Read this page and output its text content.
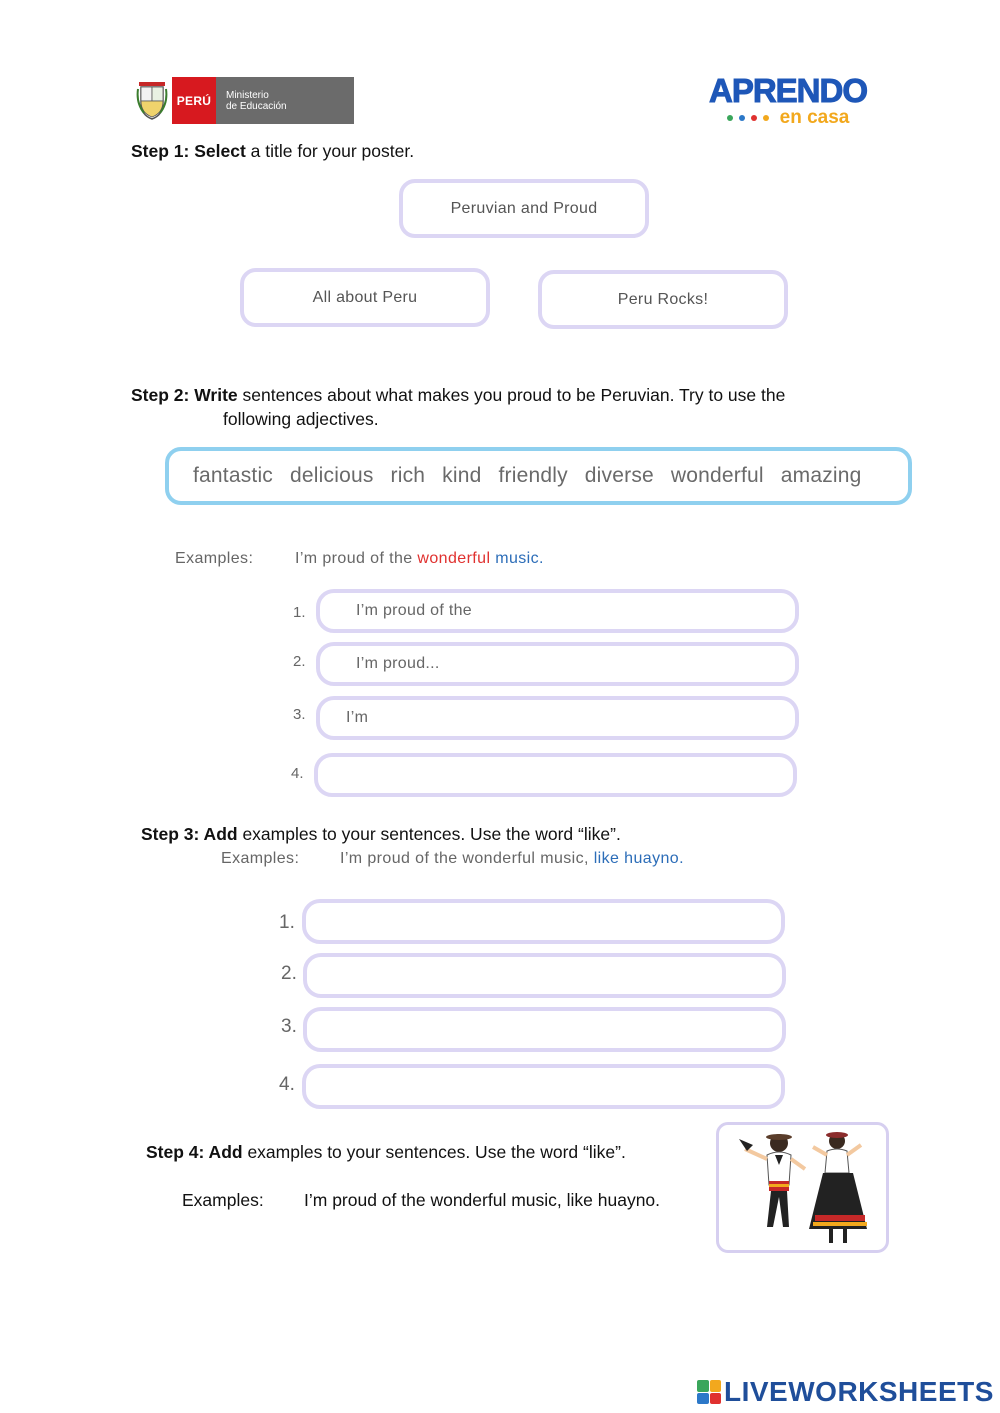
PERÚ	Ministerio
de Educación	APRENDO
en casa
Step 1: Select a title for your poster.
Peruvian and Proud
All about Peru	Peru Rocks!
Step 2: Write sentences about what makes you proud to be Peruvian. Try to use the
following adjectives.
fantastic delicious rich kind friendly diverse wonderful amazing
Examples:	I’m proud of the wonderful music.
1.	I’m proud of the
2.	I’m proud...
3.	I’m
4.
Step 3: Add examples to your sentences. Use the word “like”.
Examples:	I’m proud of the wonderful music, like huayno.
1.
2.
3.
4.
Step 4: Add examples to your sentences. Use the word “like”.
Examples: I’m proud of the wonderful music, like huayno.
LIVEWORKSHEETS
